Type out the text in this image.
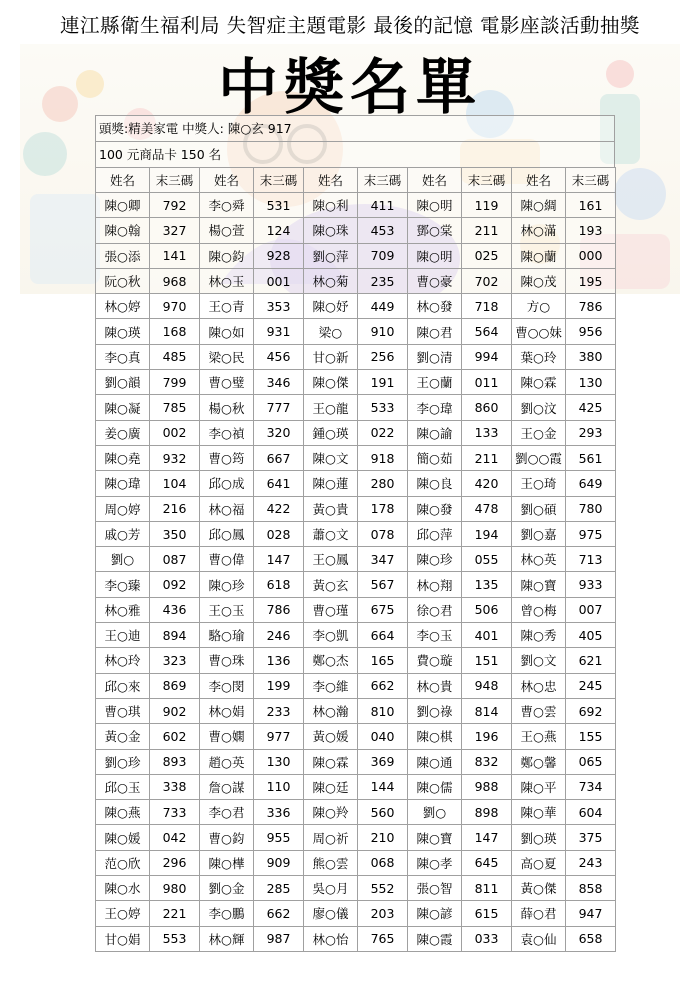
連江縣衛生福利局 失智症主題電影 最後的記憶 電影座談活動抽獎
中獎名單
頭獎:精美家電 中獎人: 陳○玄 917
100 元商品卡 150 名
姓名	末三碼	姓名	末三碼	姓名	末三碼	姓名	末三碼	姓名	末三碼
陳○卿	792	李○舜	531	陳○利	411	陳○明	119	陳○綢	161
陳○翰	327	楊○萱	124	陳○珠	453	鄧○棠	211	林○滿	193
張○添	141	陳○鈞	928	劉○萍	709	陳○明	025	陳○蘭	000
阮○秋	968	林○玉	001	林○菊	235	曹○豪	702	陳○茂	195
林○婷	970	王○青	353	陳○妤	449	林○發	718	方○	786
陳○瑛	168	陳○如	931	梁○	910	陳○君	564	曹○○妹	956
李○真	485	梁○民	456	甘○新	256	劉○清	994	葉○玲	380
劉○韻	799	曹○璧	346	陳○傑	191	王○蘭	011	陳○霖	130
陳○凝	785	楊○秋	777	王○龍	533	李○瑋	860	劉○汶	425
姜○廣	002	李○禎	320	鍾○瑛	022	陳○諭	133	王○金	293
陳○堯	932	曹○筠	667	陳○文	918	簡○茹	211	劉○○霞	561
陳○瑋	104	邱○成	641	陳○蓮	280	陳○良	420	王○琦	649
周○婷	216	林○福	422	黃○貴	178	陳○發	478	劉○碩	780
戚○芳	350	邱○鳳	028	蕭○文	078	邱○萍	194	劉○嘉	975
劉○	087	曹○偉	147	王○鳳	347	陳○珍	055	林○英	713
李○臻	092	陳○珍	618	黃○玄	567	林○翔	135	陳○寶	933
林○雅	436	王○玉	786	曹○瑾	675	徐○君	506	曾○梅	007
王○迪	894	駱○瑜	246	李○凱	664	李○玉	401	陳○秀	405
林○玲	323	曹○珠	136	鄭○杰	165	費○璇	151	劉○文	621
邱○來	869	李○閔	199	李○維	662	林○貴	948	林○忠	245
曹○琪	902	林○娟	233	林○瀚	810	劉○祿	814	曹○雲	692
黃○金	602	曹○嫻	977	黃○媛	040	陳○棋	196	王○燕	155
劉○珍	893	趙○英	130	陳○霖	369	陳○通	832	鄭○馨	065
邱○玉	338	詹○謀	110	陳○廷	144	陳○儒	988	陳○平	734
陳○燕	733	李○君	336	陳○羚	560	劉○	898	陳○華	604
陳○媛	042	曹○鈞	955	周○祈	210	陳○寶	147	劉○瑛	375
范○欣	296	陳○樺	909	熊○雲	068	陳○孝	645	高○夏	243
陳○水	980	劉○金	285	吳○月	552	張○智	811	黃○傑	858
王○婷	221	李○鵬	662	廖○儀	203	陳○諺	615	薛○君	947
甘○娟	553	林○輝	987	林○怡	765	陳○霞	033	袁○仙	658
